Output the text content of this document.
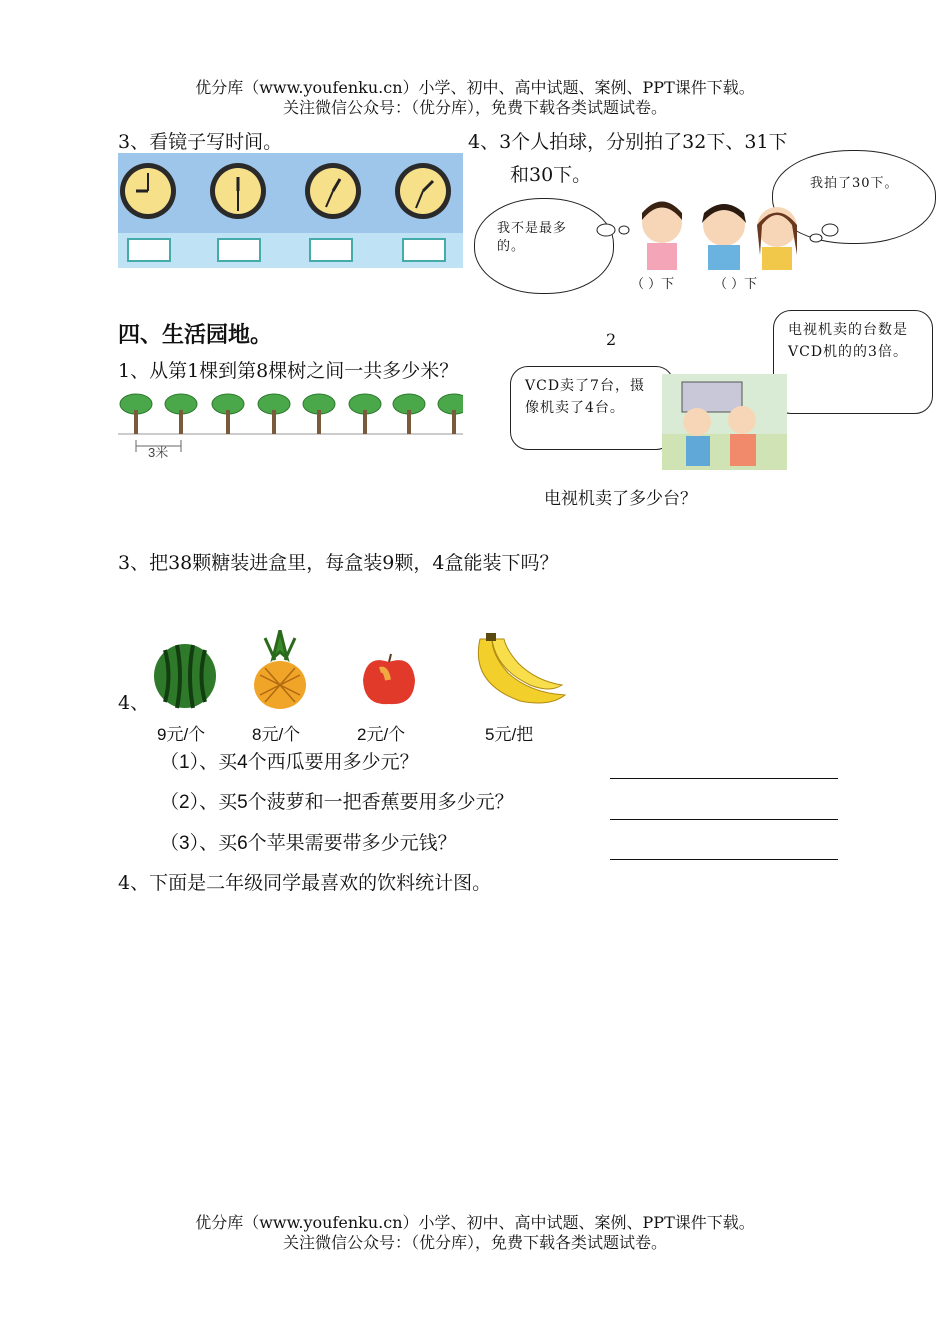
优分库（www.youfenku.cn）小学、初中、高中试题、案例、PPT课件下载。
关注微信公众号：（优分库），免费下载各类试题试卷。
3、看镜子写时间。	4、3个人拍球，分别拍了32下、31下
和30下。
我不是最多的。
我拍了30下。
（ ）下	（ ）下
四、生活园地。	2
1、从第1棵到第8棵树之间一共多少米？
3米
VCD卖了7台，摄像机卖了4台。
电视机卖的台数是VCD机的的3倍。
电视机卖了多少台？
3、把38颗糖装进盒里，每盒装9颗，4盒能装下吗？
4、
9元/个	8元/个	2元/个	5元/把
（1）、买4个西瓜要用多少元？
（2）、买5个菠萝和一把香蕉要用多少元？
（3）、买6个苹果需要带多少元钱？
4、下面是二年级同学最喜欢的饮料统计图。
优分库（www.youfenku.cn）小学、初中、高中试题、案例、PPT课件下载。
关注微信公众号：（优分库），免费下载各类试题试卷。
